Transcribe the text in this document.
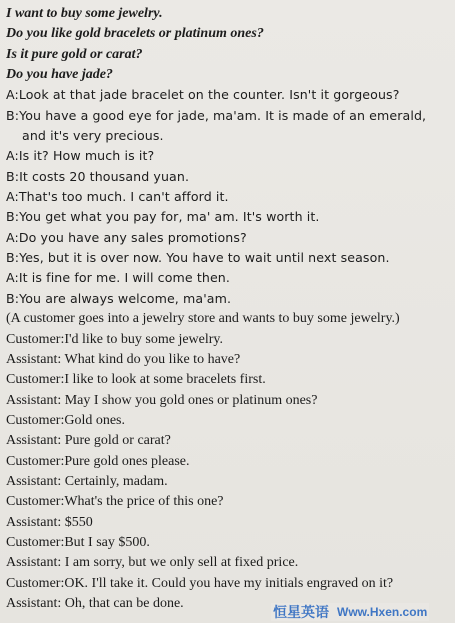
I want to buy some jewelry.
Do you like gold bracelets or platinum ones?
Is it pure gold or carat?
Do you have jade?
A:Look at that jade bracelet on the counter. Isn't it gorgeous?
B:You have a good eye for jade, ma'am. It is made of an emerald,
and it's very precious.
A:Is it? How much is it?
B:It costs 20 thousand yuan.
A:That's too much. I can't afford it.
B:You get what you pay for, ma' am. It's worth it.
A:Do you have any sales promotions?
B:Yes, but it is over now. You have to wait until next season.
A:It is fine for me. I will come then.
B:You are always welcome, ma'am.
(A customer goes into a jewelry store and wants to buy some jewelry.)
Customer:I'd like to buy some jewelry.
Assistant: What kind do you like to have?
Customer:I like to look at some bracelets first.
Assistant: May I show you gold ones or platinum ones?
Customer:Gold ones.
Assistant: Pure gold or carat?
Customer:Pure gold ones please.
Assistant: Certainly, madam.
Customer:What's the price of this one?
Assistant: $550
Customer:But I say $500.
Assistant: I am sorry, but we only sell at fixed price.
Customer:OK. I'll take it. Could you have my initials engraved on it?
Assistant: Oh, that can be done.
恒星英语 Www.Hxen.com
